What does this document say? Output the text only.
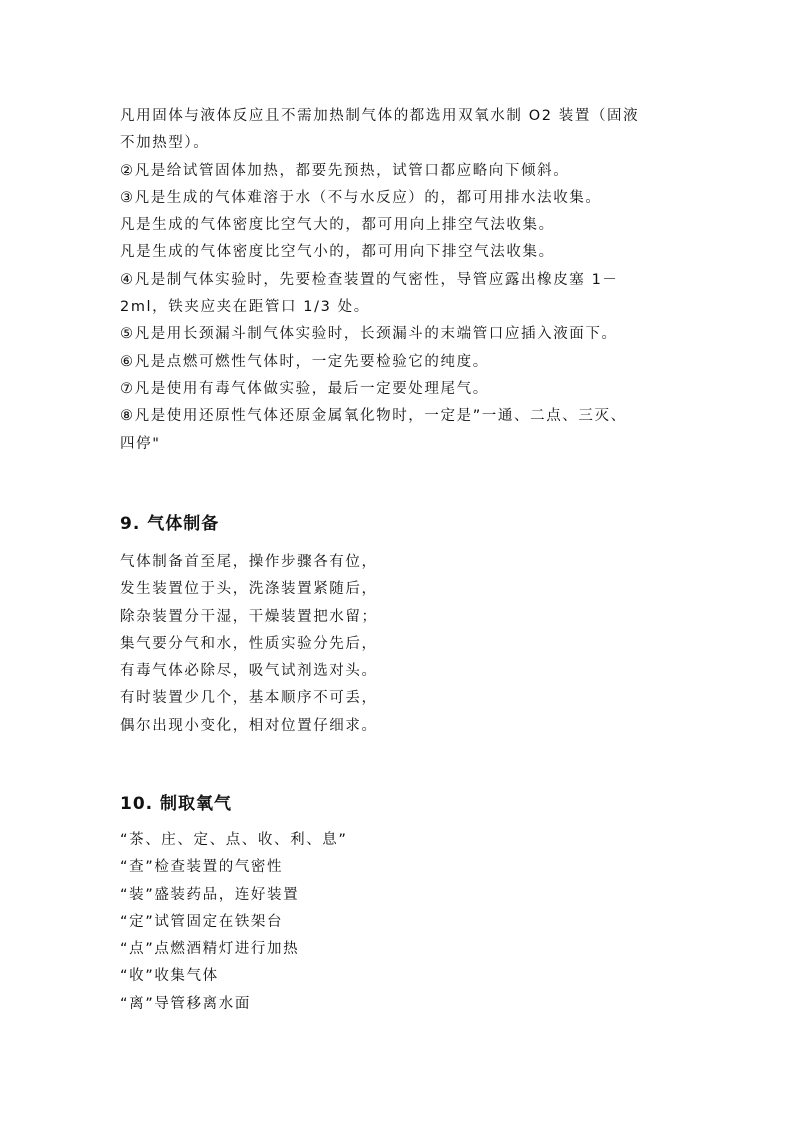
凡用固体与液体反应且不需加热制气体的都选用双氧水制 O2 装置（固液
不加热型）。
②凡是给试管固体加热，都要先预热，试管口都应略向下倾斜。
③凡是生成的气体难溶于水（不与水反应）的，都可用排水法收集。
凡是生成的气体密度比空气大的，都可用向上排空气法收集。
凡是生成的气体密度比空气小的，都可用向下排空气法收集。
④凡是制气体实验时，先要检查装置的气密性，导管应露出橡皮塞 1－
2ml，铁夹应夹在距管口 1/3 处。
⑤凡是用长颈漏斗制气体实验时，长颈漏斗的末端管口应插入液面下。
⑥凡是点燃可燃性气体时，一定先要检验它的纯度。
⑦凡是使用有毒气体做实验，最后一定要处理尾气。
⑧凡是使用还原性气体还原金属氧化物时，一定是”一通、二点、三灭、
四停"
9. 气体制备
气体制备首至尾，操作步骤各有位，
发生装置位于头，洗涤装置紧随后，
除杂装置分干湿，干燥装置把水留；
集气要分气和水，性质实验分先后，
有毒气体必除尽，吸气试剂选对头。
有时装置少几个，基本顺序不可丢，
偶尔出现小变化，相对位置仔细求。
10. 制取氧气
“茶、庄、定、点、收、利、息”
“查”检查装置的气密性
“装”盛装药品，连好装置
“定”试管固定在铁架台
“点”点燃酒精灯进行加热
“收”收集气体
“离”导管移离水面
